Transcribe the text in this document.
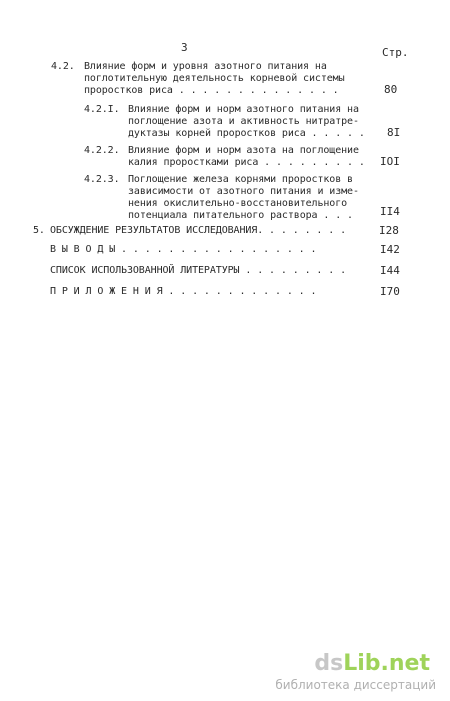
3	Стр.
4.2. Влияние форм и уровня азотного питания на
поглотительную деятельность корневой системы
проростков риса . . . . . . . . . . . . . .	80
4.2.I. Влияние форм и норм азотного питания на
поглощение азота и активность нитратре-
дуктазы корней проростков риса . . . . . 8I
4.2.2. Влияние форм и норм азота на поглощение
калия проростками риса . . . . . . . . . IOI
4.2.3. Поглощение железа корнями проростков в
зависимости от азотного питания и изме-
нения окислительно-восстановительного
потенциала питательного раствора . . . II4
5. ОБСУЖДЕНИЕ РЕЗУЛЬТАТОВ ИССЛЕДОВАНИЯ. . . . . . . .	I28
В Ы В О Д Ы . . . . . . . . . . . . . . . . .	I42
СПИСОК ИСПОЛЬЗОВАННОЙ ЛИТЕРАТУРЫ . . . . . . . . .	I44
П Р И Л О Ж Е Н И Я . . . . . . . . . . . . .	I70
dsLib.net
библиотека диссертаций
